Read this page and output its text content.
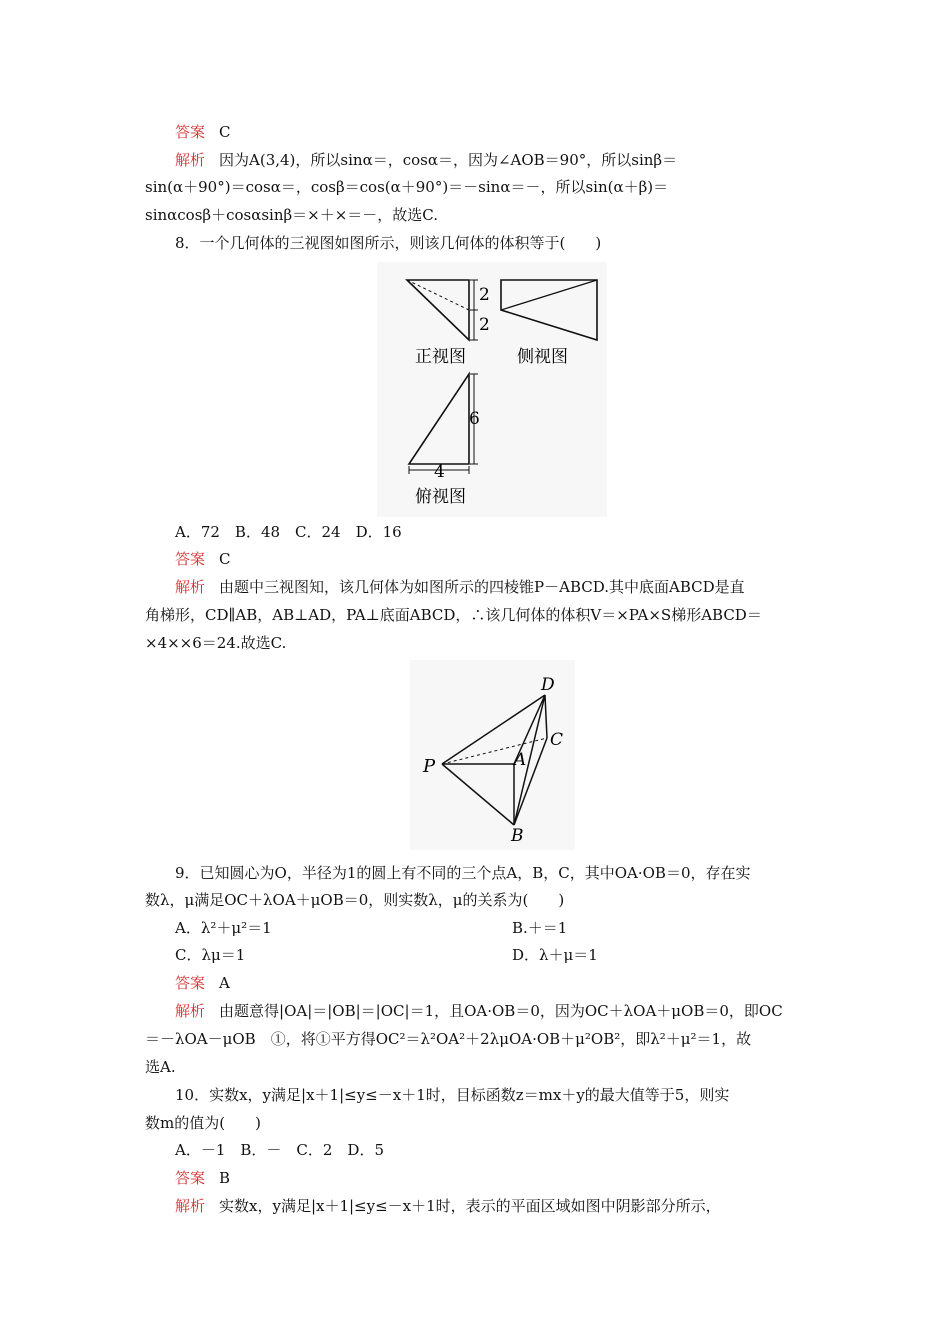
答案 C
解析 因为A(3,4)，所以sinα＝，cosα＝，因为∠AOB＝90°，所以sinβ＝
sin(α＋90°)＝cosα＝，cosβ＝cos(α＋90°)＝－sinα＝－，所以sin(α＋β)＝
sinαcosβ＋cosαsinβ＝×＋×＝－，故选C.
8．一个几何体的三视图如图所示，则该几何体的体积等于(　　)
2
2
正视图	侧视图
6
4
俯视图
A．72　B．48　C．24　D．16
答案 C
解析 由题中三视图知，该几何体为如图所示的四棱锥P－ABCD.其中底面ABCD是直
角梯形，CD∥AB，AB⊥AD，PA⊥底面ABCD，∴该几何体的体积V＝×PA×S梯形ABCD＝
×4××6＝24.故选C.
P	A
B
C
D
9．已知圆心为O，半径为1的圆上有不同的三个点A，B，C，其中OA·OB＝0，存在实
数λ，μ满足OC＋λOA＋μOB＝0，则实数λ，μ的关系为(　　)
A．λ²＋μ²＝1	B.＋＝1
C．λμ＝1	D．λ＋μ＝1
答案 A
解析 由题意得|OA|＝|OB|＝|OC|＝1，且OA·OB＝0，因为OC＋λOA＋μOB＝0，即OC
＝－λOA－μOB　①，将①平方得OC²＝λ²OA²＋2λμOA·OB＋μ²OB²，即λ²＋μ²＝1，故
选A.
10．实数x，y满足|x＋1|≤y≤－x＋1时，目标函数z＝mx＋y的最大值等于5，则实
数m的值为(　　)
A．－1　B．－　C．2　D．5
答案 B
解析 实数x，y满足|x＋1|≤y≤－x＋1时，表示的平面区域如图中阴影部分所示，
